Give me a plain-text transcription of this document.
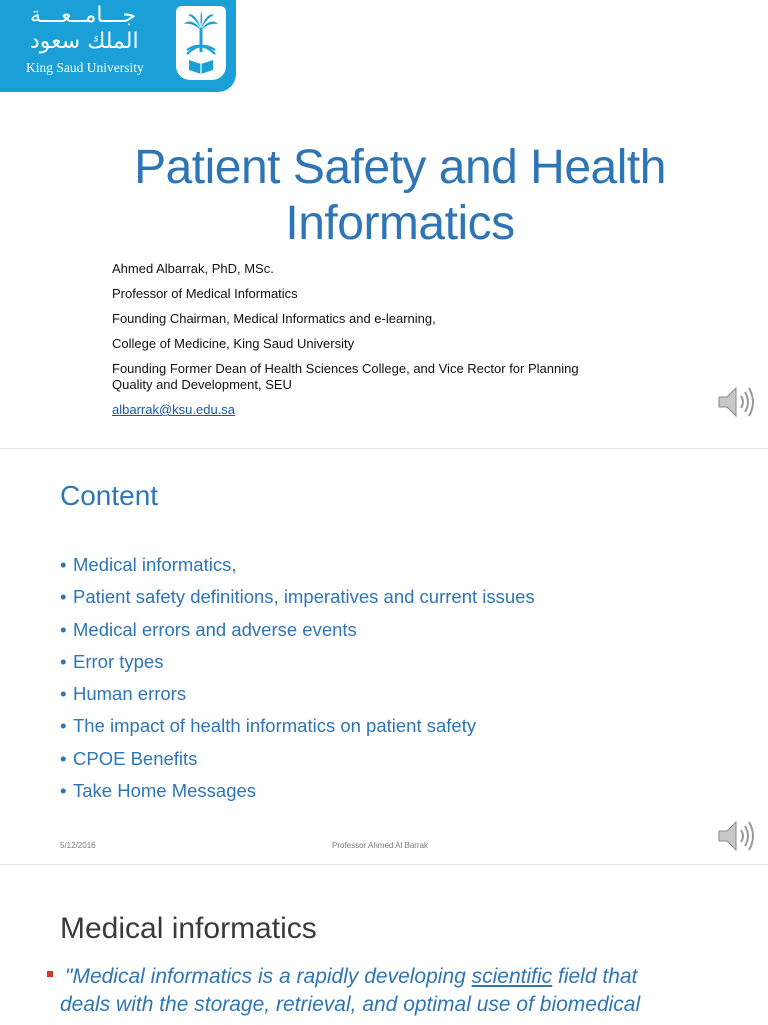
جـــامــعـــة
الملك سعود
King Saud University
Patient Safety and Health Informatics
Ahmed Albarrak, PhD, MSc.
Professor of Medical Informatics
Founding Chairman, Medical Informatics and e-learning,
College of Medicine, King Saud University
Founding Former Dean of Health Sciences College, and Vice Rector for Planning
Quality and Development, SEU
albarrak@ksu.edu.sa
Content
• Medical informatics,
• Patient safety definitions, imperatives and current issues
• Medical errors and adverse events
• Error types
• Human errors
• The impact of health informatics on patient safety
• CPOE Benefits
• Take Home Messages
5/12/2016	Professor Ahmed Al Barrak
Medical informatics
"Medical informatics is a rapidly developing scientific field that
deals with the storage, retrieval, and optimal use of biomedical
